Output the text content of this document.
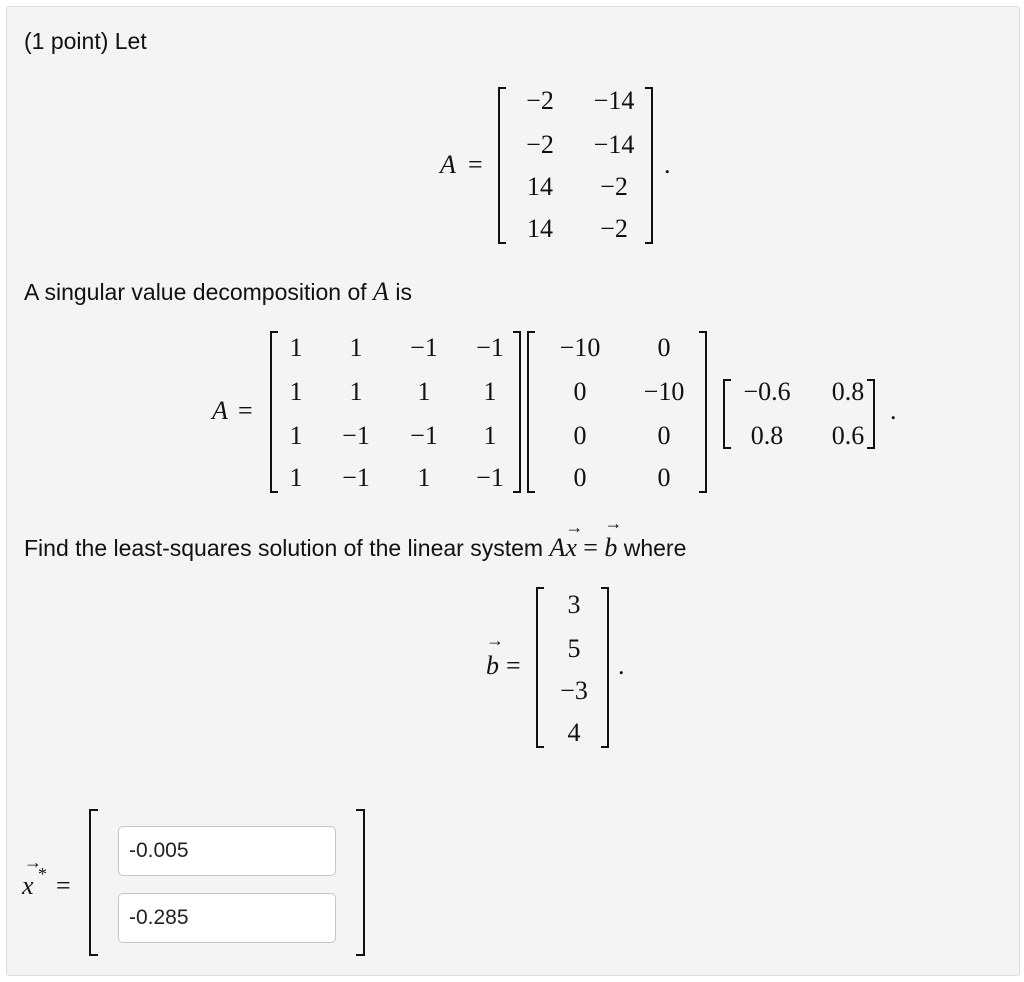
(1 point) Let
A =
−2	−14
−2	−14
14	−2
14	−2
.
A singular value decomposition of A is
A =
1	1	−1	−1
1	1	1	1
1	−1	−1	1
1	−1	1	−1
−10	0
0	−10
0	0
0	0
−0.6	0.8
0.8	0.6
.
Find the least-squares solution of the linear system Ax
→
= b
→
where
b
→
=
3
5
−3
4
.
x
→
* =
-0.005
-0.285
